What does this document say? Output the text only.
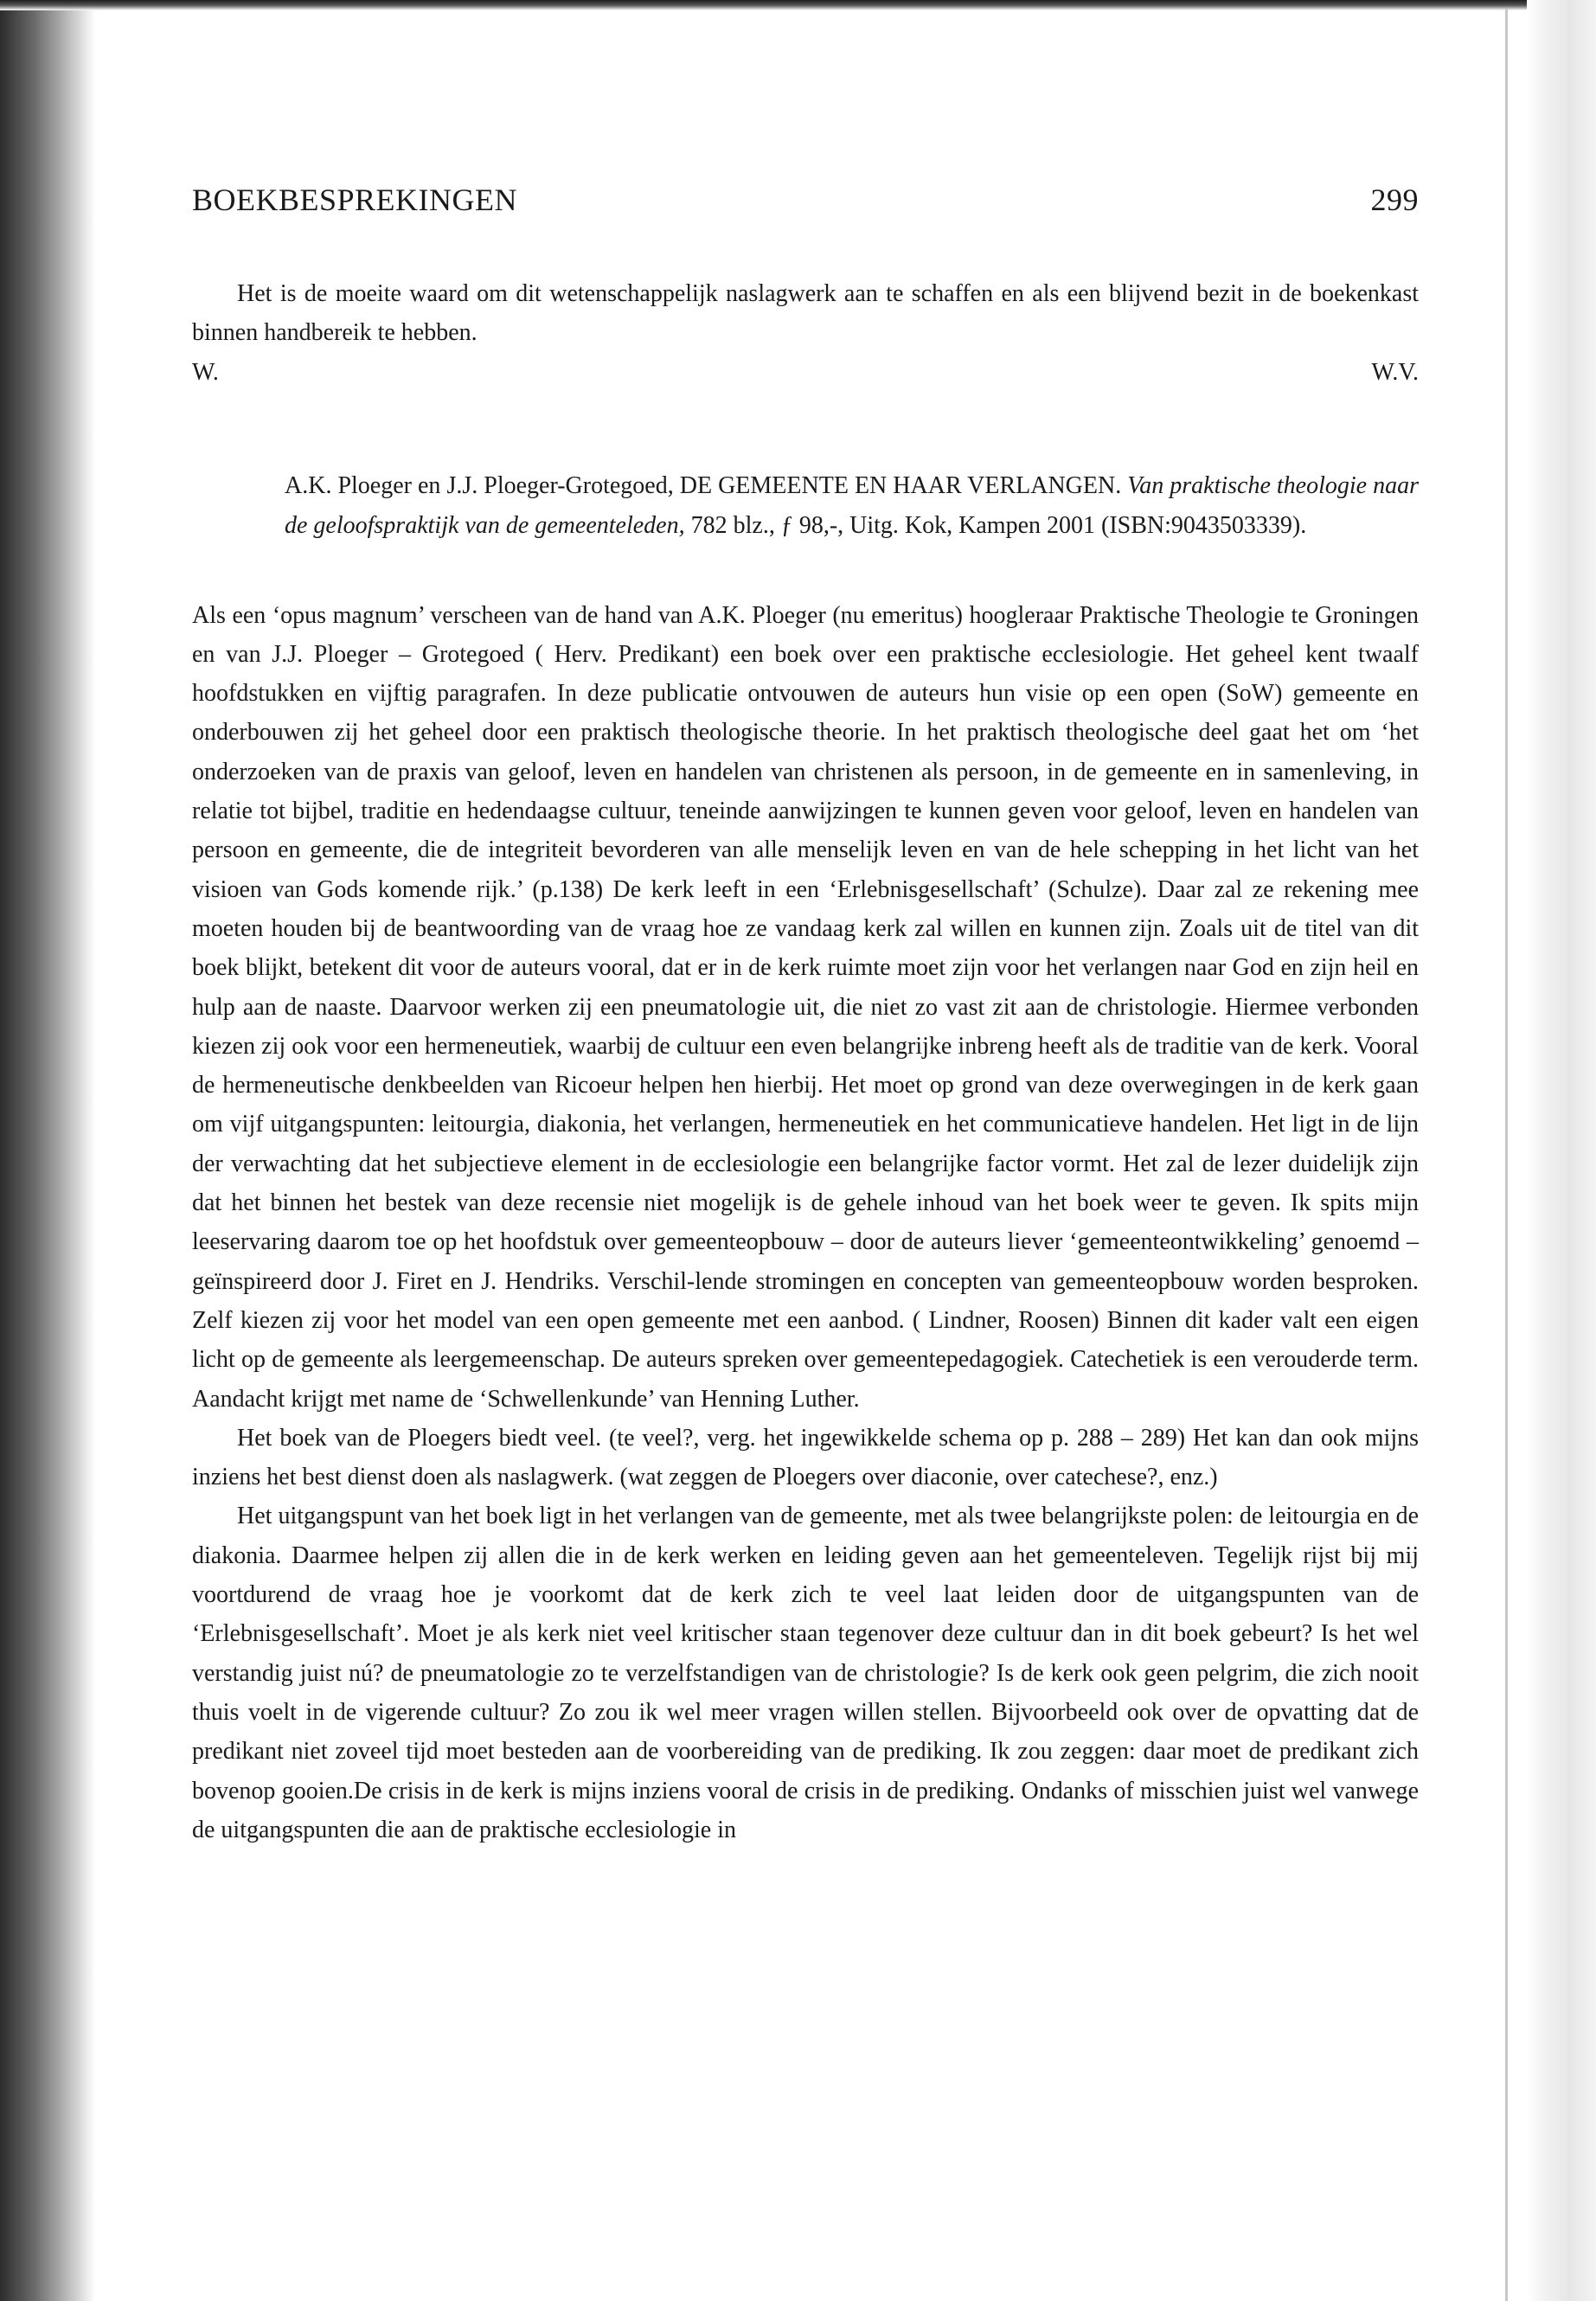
BOEKBESPREKINGEN	299

Het is de moeite waard om dit wetenschappelijk naslagwerk aan te schaffen en als een blijvend bezit in de boekenkast binnen handbereik te hebben.

W.	W.V.
A.K. Ploeger en J.J. Ploeger-Grotegoed, DE GEMEENTE EN HAAR VERLANGEN. Van praktische theologie naar de geloofspraktijk van de gemeenteleden, 782 blz., ƒ 98,-, Uitg. Kok, Kampen 2001 (ISBN:9043503339).

Als een ‘opus magnum’ verscheen van de hand van A.K. Ploeger (nu emeritus) hoogleraar Praktische Theologie te Groningen en van J.J. Ploeger – Grotegoed ( Herv. Predikant) een boek over een praktische ecclesiologie. Het geheel kent twaalf hoofdstukken en vijftig paragrafen. In deze publicatie ontvouwen de auteurs hun visie op een open (SoW) gemeente en onderbouwen zij het geheel door een praktisch theologische theorie. In het praktisch theologische deel gaat het om ‘het onderzoeken van de praxis van geloof, leven en handelen van christenen als persoon, in de gemeente en in samenleving, in relatie tot bijbel, traditie en hedendaagse cultuur, teneinde aanwijzingen te kunnen geven voor geloof, leven en handelen van persoon en gemeente, die de integriteit bevorderen van alle menselijk leven en van de hele schepping in het licht van het visioen van Gods komende rijk.’ (p.138) De kerk leeft in een ‘Erlebnisgesellschaft’ (Schulze). Daar zal ze rekening mee moeten houden bij de beantwoording van de vraag hoe ze vandaag kerk zal willen en kunnen zijn. Zoals uit de titel van dit boek blijkt, betekent dit voor de auteurs vooral, dat er in de kerk ruimte moet zijn voor het verlangen naar God en zijn heil en hulp aan de naaste. Daarvoor werken zij een pneumatologie uit, die niet zo vast zit aan de christologie. Hiermee verbonden kiezen zij ook voor een hermeneutiek, waarbij de cultuur een even belangrijke inbreng heeft als de traditie van de kerk. Vooral de hermeneutische denkbeelden van Ricoeur helpen hen hierbij. Het moet op grond van deze overwegingen in de kerk gaan om vijf uitgangspunten: leitourgia, diakonia, het verlangen, hermeneutiek en het communicatieve handelen. Het ligt in de lijn der verwachting dat het subjectieve element in de ecclesiologie een belangrijke factor vormt. Het zal de lezer duidelijk zijn dat het binnen het bestek van deze recensie niet mogelijk is de gehele inhoud van het boek weer te geven. Ik spits mijn leeservaring daarom toe op het hoofdstuk over gemeenteopbouw – door de auteurs liever ‘gemeenteontwikkeling’ genoemd – geïnspireerd door J. Firet en J. Hendriks. Verschil-lende stromingen en concepten van gemeenteopbouw worden besproken. Zelf kiezen zij voor het model van een open gemeente met een aanbod. ( Lindner, Roosen) Binnen dit kader valt een eigen licht op de gemeente als leergemeenschap. De auteurs spreken over gemeentepedagogiek. Catechetiek is een verouderde term. Aandacht krijgt met name de ‘Schwellenkunde’ van Henning Luther.

Het boek van de Ploegers biedt veel. (te veel?, verg. het ingewikkelde schema op p. 288 – 289) Het kan dan ook mijns inziens het best dienst doen als naslagwerk. (wat zeggen de Ploegers over diaconie, over catechese?, enz.)

Het uitgangspunt van het boek ligt in het verlangen van de gemeente, met als twee belangrijkste polen: de leitourgia en de diakonia. Daarmee helpen zij allen die in de kerk werken en leiding geven aan het gemeenteleven. Tegelijk rijst bij mij voortdurend de vraag hoe je voorkomt dat de kerk zich te veel laat leiden door de uitgangspunten van de ‘Erlebnisgesellschaft’. Moet je als kerk niet veel kritischer staan tegenover deze cultuur dan in dit boek gebeurt? Is het wel verstandig juist nú? de pneumatologie zo te verzelfstandigen van de christologie? Is de kerk ook geen pelgrim, die zich nooit thuis voelt in de vigerende cultuur? Zo zou ik wel meer vragen willen stellen. Bijvoorbeeld ook over de opvatting dat de predikant niet zoveel tijd moet besteden aan de voorbereiding van de prediking. Ik zou zeggen: daar moet de predikant zich bovenop gooien.De crisis in de kerk is mijns inziens vooral de crisis in de prediking. Ondanks of misschien juist wel vanwege de uitgangspunten die aan de praktische ecclesiologie in
